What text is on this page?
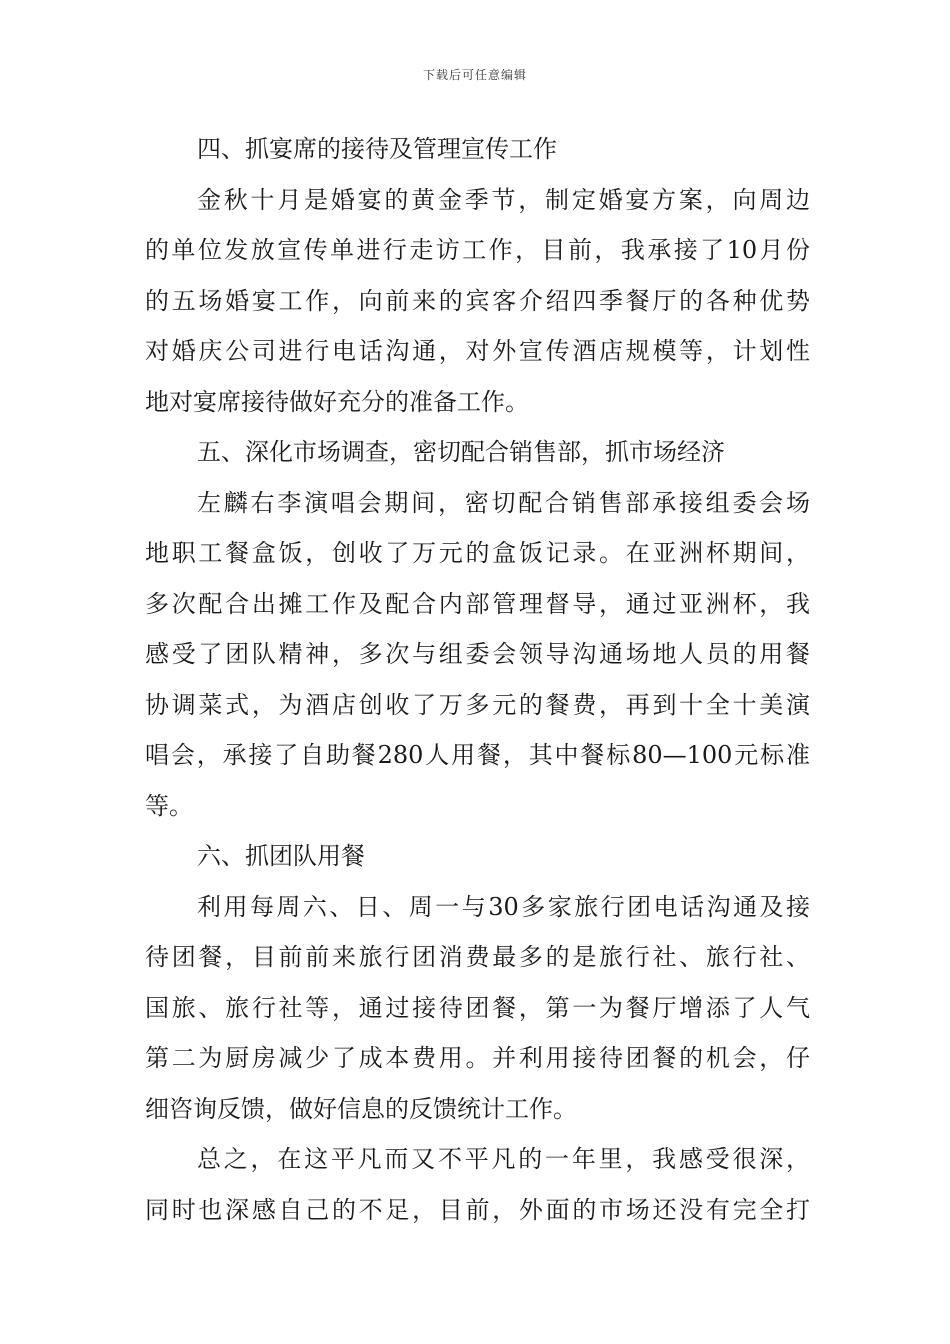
下载后可任意编辑
四、抓宴席的接待及管理宣传工作
金秋十月是婚宴的黄金季节，制定婚宴方案，向周边
的单位发放宣传单进行走访工作，目前，我承接了10月份
的五场婚宴工作，向前来的宾客介绍四季餐厅的各种优势
对婚庆公司进行电话沟通，对外宣传酒店规模等，计划性
地对宴席接待做好充分的准备工作。
五、深化市场调查，密切配合销售部，抓市场经济
左麟右李演唱会期间，密切配合销售部承接组委会场
地职工餐盒饭，创收了万元的盒饭记录。在亚洲杯期间，
多次配合出摊工作及配合内部管理督导，通过亚洲杯，我
感受了团队精神，多次与组委会领导沟通场地人员的用餐
协调菜式，为酒店创收了万多元的餐费，再到十全十美演
唱会，承接了自助餐280人用餐，其中餐标80—100元标准
等。
六、抓团队用餐
利用每周六、日、周一与30多家旅行团电话沟通及接
待团餐，目前前来旅行团消费最多的是旅行社、旅行社、
国旅、旅行社等，通过接待团餐，第一为餐厅增添了人气
第二为厨房减少了成本费用。并利用接待团餐的机会，仔
细咨询反馈，做好信息的反馈统计工作。
总之，在这平凡而又不平凡的一年里，我感受很深，
同时也深感自己的不足，目前，外面的市场还没有完全打
